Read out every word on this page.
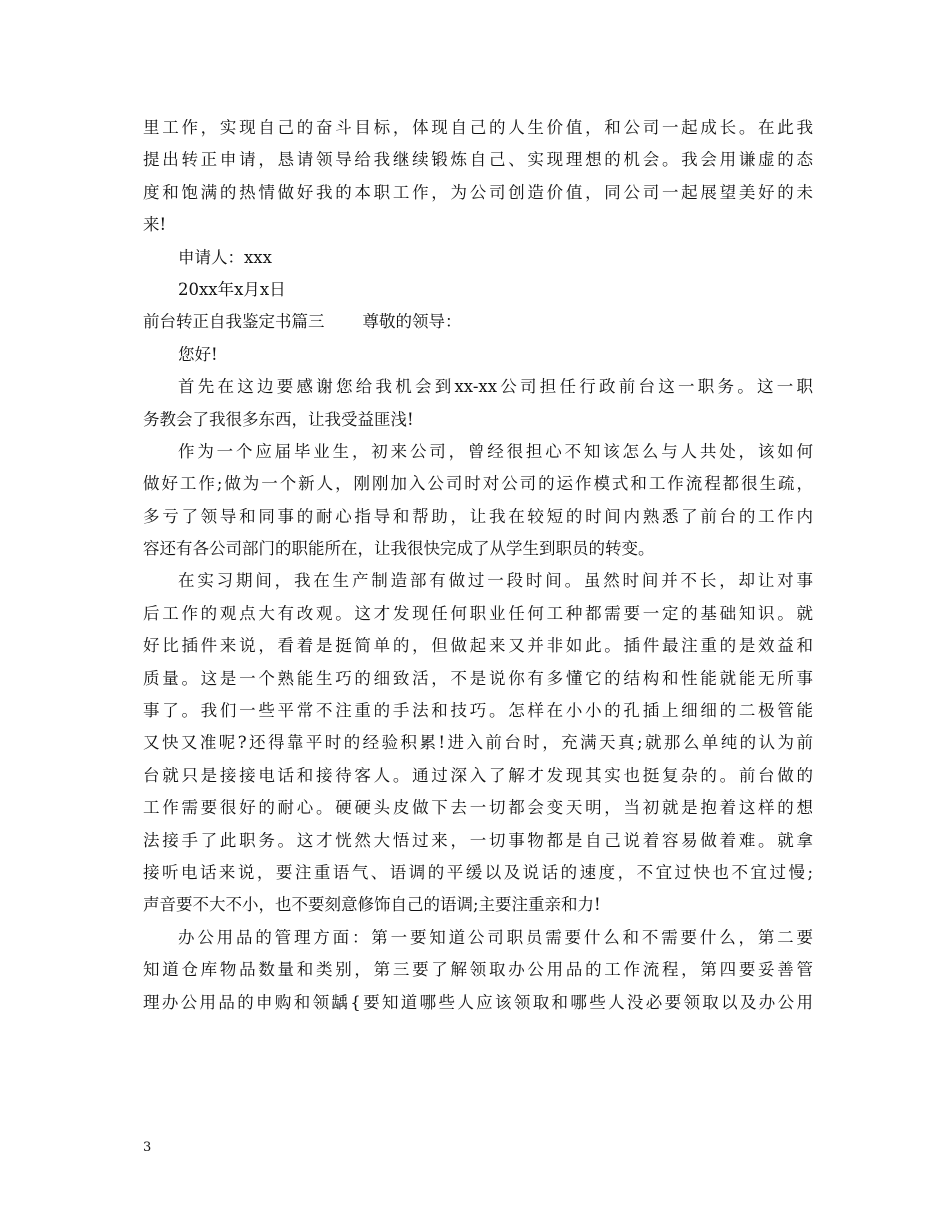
里工作，实现自己的奋斗目标，体现自己的人生价值，和公司一起成长。在此我
提出转正申请，恳请领导给我继续锻炼自己、实现理想的机会。我会用谦虚的态
度和饱满的热情做好我的本职工作，为公司创造价值，同公司一起展望美好的未
来!
申请人：xxx
20xx年x月x日
前台转正自我鉴定书篇三 尊敬的领导：
您好!
首先在这边要感谢您给我机会到xx-xx公司担任行政前台这一职务。这一职
务教会了我很多东西，让我受益匪浅!
作为一个应届毕业生，初来公司，曾经很担心不知该怎么与人共处，该如何
做好工作;做为一个新人，刚刚加入公司时对公司的运作模式和工作流程都很生疏，
多亏了领导和同事的耐心指导和帮助，让我在较短的时间内熟悉了前台的工作内
容还有各公司部门的职能所在，让我很快完成了从学生到职员的转变。
在实习期间，我在生产制造部有做过一段时间。虽然时间并不长，却让对事
后工作的观点大有改观。这才发现任何职业任何工种都需要一定的基础知识。就
好比插件来说，看着是挺简单的，但做起来又并非如此。插件最注重的是效益和
质量。这是一个熟能生巧的细致活，不是说你有多懂它的结构和性能就能无所事
事了。我们一些平常不注重的手法和技巧。怎样在小小的孔插上细细的二极管能
又快又准呢?还得靠平时的经验积累!进入前台时，充满天真;就那么单纯的认为前
台就只是接接电话和接待客人。通过深入了解才发现其实也挺复杂的。前台做的
工作需要很好的耐心。硬硬头皮做下去一切都会变天明，当初就是抱着这样的想
法接手了此职务。这才恍然大悟过来，一切事物都是自己说着容易做着难。就拿
接听电话来说，要注重语气、语调的平缓以及说话的速度，不宜过快也不宜过慢;
声音要不大不小，也不要刻意修饰自己的语调;主要注重亲和力!
办公用品的管理方面：第一要知道公司职员需要什么和不需要什么，第二要
知道仓库物品数量和类别，第三要了解领取办公用品的工作流程，第四要妥善管
理办公用品的申购和领龋{要知道哪些人应该领取和哪些人没必要领取以及办公用
3
